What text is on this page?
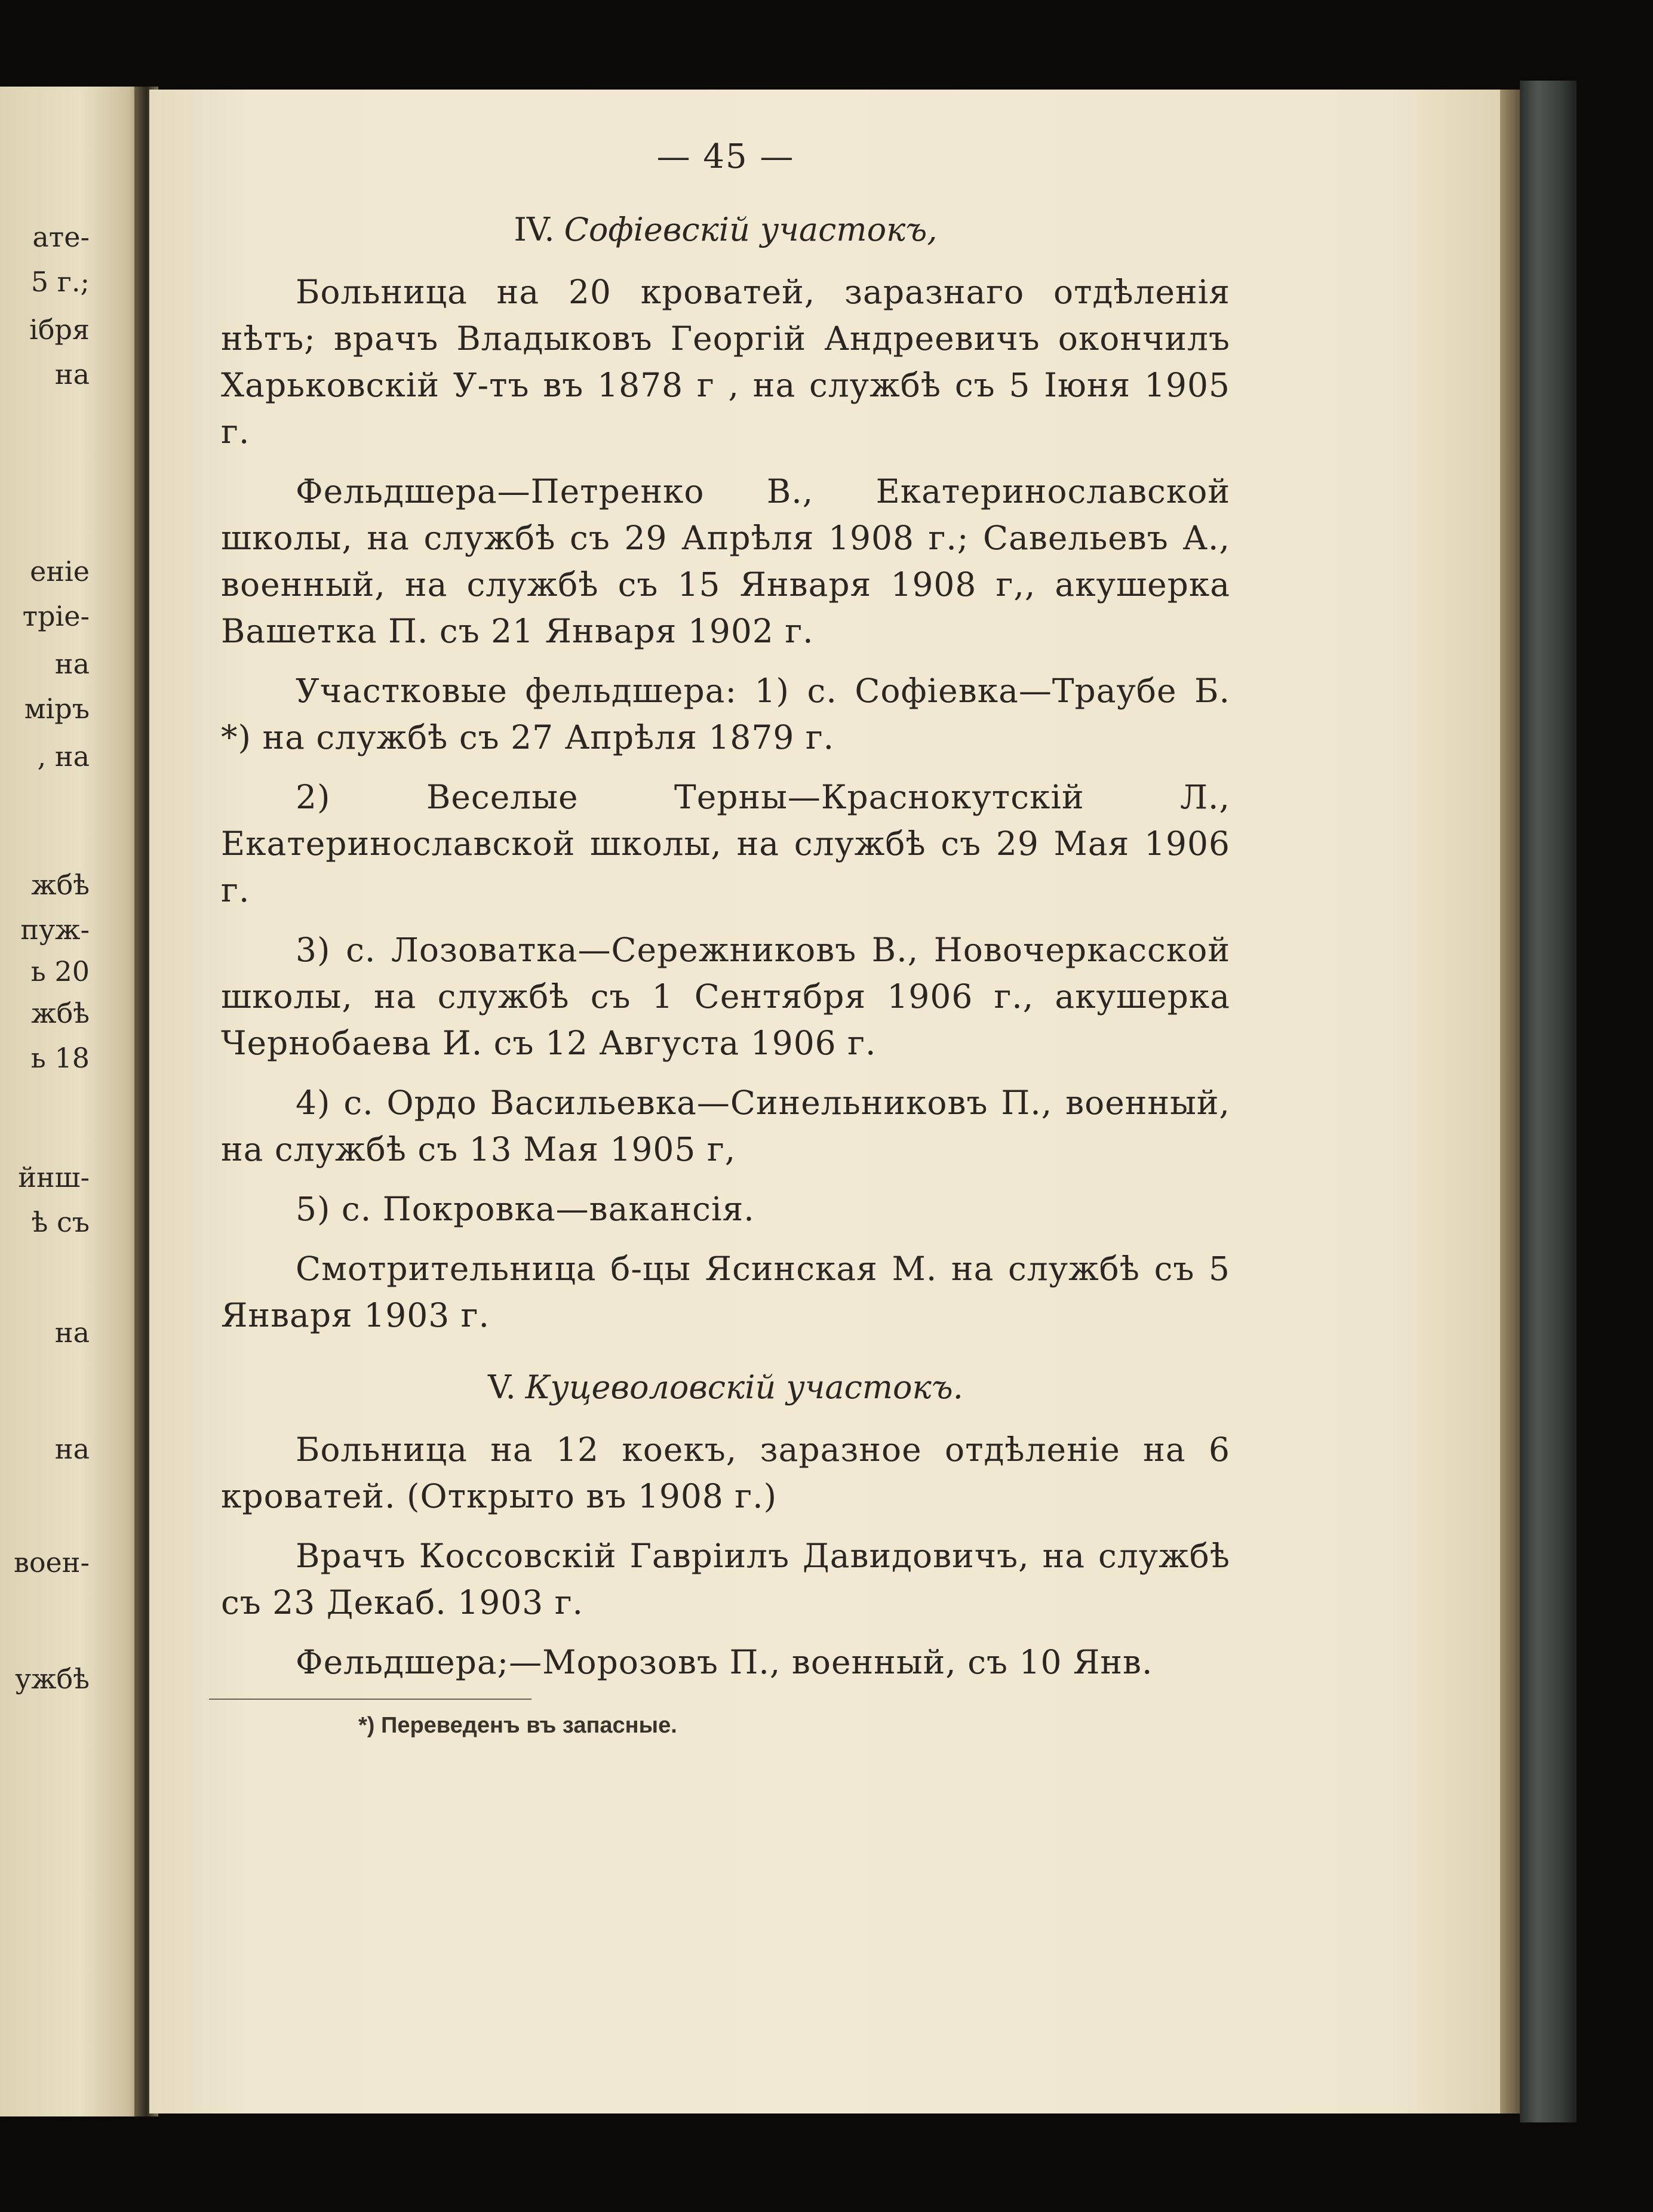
ате-
5 г.;
ібря
на
еніе
тріе-
на
міръ
, на
жбѣ
пуж-
ь 20
жбѣ
ь 18
йнш-
ѣ съ
на
на
воен-
ужбѣ
— 45 —
IV. Софіевскій участокъ,

Больница на 20 кроватей, заразнаго отдѣленія нѣтъ; врачъ Владыковъ Георгій Андреевичъ окончилъ Харьковскій У-тъ въ 1878 г , на службѣ съ 5 Іюня 1905 г.

Фельдшера—Петренко В., Екатеринославской школы, на службѣ съ 29 Апрѣля 1908 г.; Савельевъ А., военный, на службѣ съ 15 Января 1908 г,, акушерка Вашетка П. съ 21 Января 1902 г.

Участковые фельдшера: 1) с. Софіевка—Траубе Б. *) на службѣ съ 27 Апрѣля 1879 г.

2) Веселые Терны—Краснокутскій Л., Екатеринославской школы, на службѣ съ 29 Мая 1906 г.

3) с. Лозоватка—Сережниковъ В., Новочеркасской школы, на службѣ съ 1 Сентября 1906 г., акушерка Чернобаева И. съ 12 Августа 1906 г.

4) с. Ордо Васильевка—Синельниковъ П., военный, на службѣ съ 13 Мая 1905 г,

5) с. Покровка—вакансія.

Смотрительница б-цы Ясинская М. на службѣ съ 5 Января 1903 г.

V. Куцеволовскій участокъ.

Больница на 12 коекъ, заразное отдѣленіе на 6 кроватей. (Открыто въ 1908 г.)

Врачъ Коссовскій Гавріилъ Давидовичъ, на службѣ съ 23 Декаб. 1903 г.

Фельдшера;—Морозовъ П., военный, съ 10 Янв.

*) Переведенъ въ запасные.
